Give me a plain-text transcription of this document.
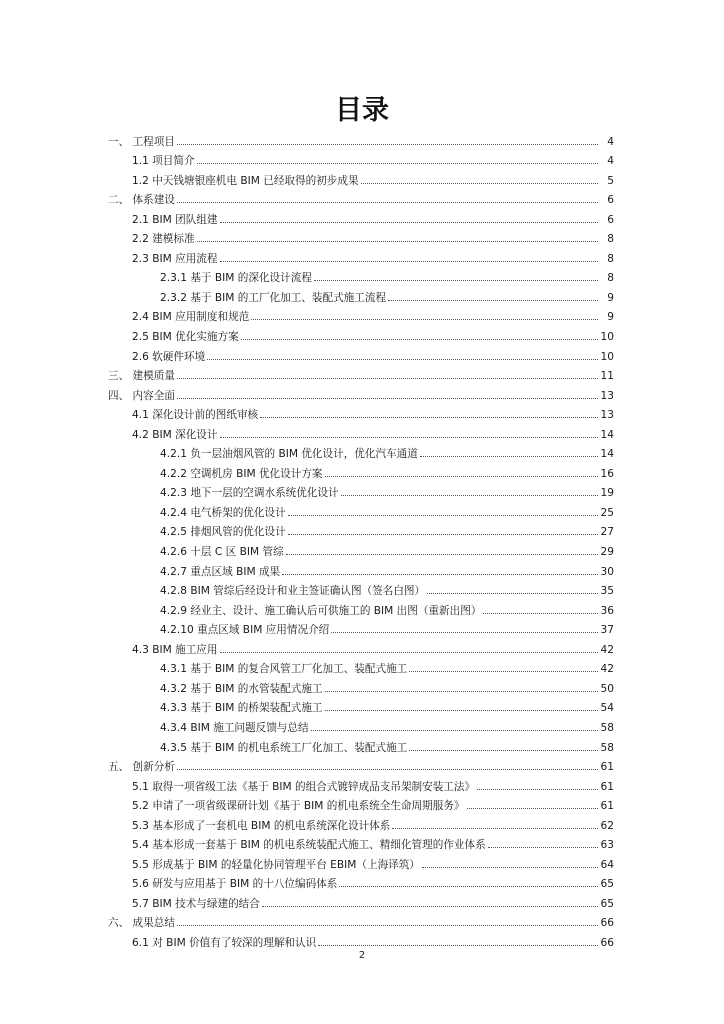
目录
一、 工程项目	4
1.1 项目简介	4
1.2 中天钱塘银座机电 BIM 已经取得的初步成果	5
二、 体系建设	6
2.1 BIM 团队组建	6
2.2 建模标准	8
2.3 BIM 应用流程	8
2.3.1 基于 BIM 的深化设计流程	8
2.3.2 基于 BIM 的工厂化加工、装配式施工流程	9
2.4 BIM 应用制度和规范	9
2.5 BIM 优化实施方案	10
2.6 软硬件环境	10
三、 建模质量	11
四、 内容全面	13
4.1 深化设计前的图纸审核	13
4.2 BIM 深化设计	14
4.2.1 负一层油烟风管的 BIM 优化设计，优化汽车通道	14
4.2.2 空调机房 BIM 优化设计方案	16
4.2.3 地下一层的空调水系统优化设计	19
4.2.4 电气桥架的优化设计	25
4.2.5 排烟风管的优化设计	27
4.2.6 十层 C 区 BIM 管综	29
4.2.7 重点区域 BIM 成果	30
4.2.8 BIM 管综后经设计和业主签证确认图（签名白图）	35
4.2.9 经业主、设计、施工确认后可供施工的 BIM 出图（重新出图）	36
4.2.10 重点区域 BIM 应用情况介绍	37
4.3 BIM 施工应用	42
4.3.1 基于 BIM 的复合风管工厂化加工、装配式施工	42
4.3.2 基于 BIM 的水管装配式施工	50
4.3.3 基于 BIM 的桥架装配式施工	54
4.3.4 BIM 施工问题反馈与总结	58
4.3.5 基于 BIM 的机电系统工厂化加工、装配式施工	58
五、 创新分析	61
5.1 取得一项省级工法《基于 BIM 的组合式镀锌成品支吊架制安装工法》	61
5.2 申请了一项省级课研计划《基于 BIM 的机电系统全生命周期服务》	61
5.3 基本形成了一套机电 BIM 的机电系统深化设计体系	62
5.4 基本形成一套基于 BIM 的机电系统装配式施工、精细化管理的作业体系	63
5.5 形成基于 BIM 的轻量化协同管理平台 EBIM（上海译筑）	64
5.6 研发与应用基于 BIM 的十八位编码体系	65
5.7 BIM 技术与绿建的结合	65
六、 成果总结	66
6.1 对 BIM 价值有了较深的理解和认识	66
2
